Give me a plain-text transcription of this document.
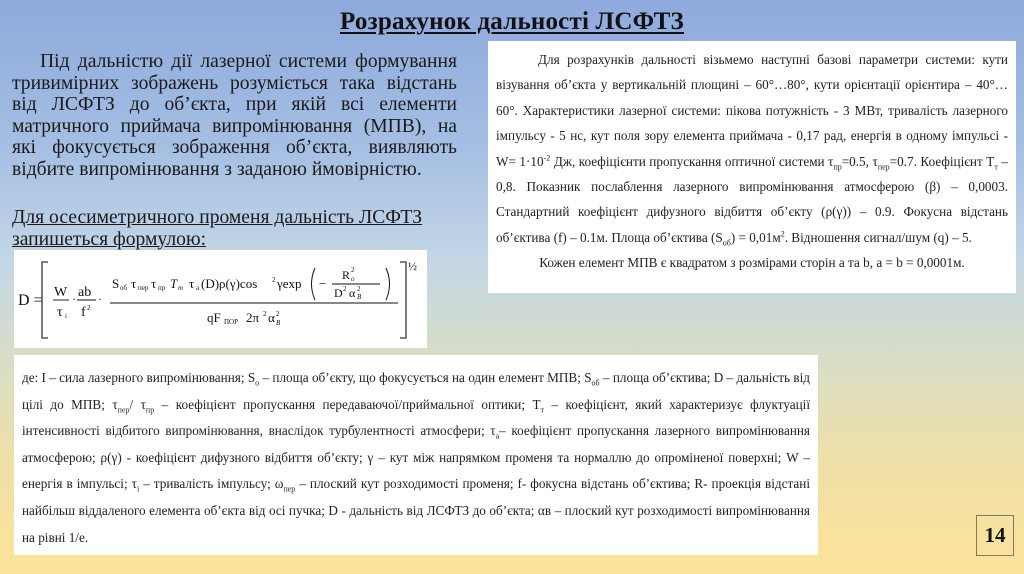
Розрахунок дальності ЛСФТЗ
Під дальністю дії лазерної системи формування тривимірних зображень розуміється така відстань від ЛСФТЗ до об’єкта, при якій всі елементи матричного приймача випромінювання (МПВ), на які фокусується зображення об’єкта, виявляють відбите випромінювання з заданою ймовірністю.
Для осесиметричного променя дальність ЛСФТЗ запишеться формулою:
D = W
τ i
· ab
f 2
·
S об τ пер τ пр T m τ a (D)ρ(γ)cos 2 γexp −
R 2
o
D 2 α 2
B
qF ПОР 2π 2 α 2
B
½

Для розрахунків дальності візьмемо наступні базові параметри системи: кути візування об’єкта у вертикальній площині – 60°…80°, кути орієнтації орієнтира – 40°…60°. Характеристики лазерної системи: пікова потужність - 3 МВт, тривалість лазерного імпульсу - 5 нс, кут поля зору елемента приймача - 0,17 рад, енергія в одному імпульсі - $W= 1\cdot 10^{-2}$ Дж, коефіцієнти пропускання оптичної системи $\tau_{пр}=0.5$, $\tau_{пер}=0.7$. Коефіцієнт $T_т - 0,8$. Показник послаблення лазерного випромінювання атмосферою (β) – 0,0003. Стандартний коефіцієнт дифузного відбиття об’єкту (ρ(γ)) – 0.9. Фокусна відстань об’єктива (f) – 0.1м. Площа об’єктива $(S_{об}) = 0,01м^2$. Відношення сигнал/шум (q) – 5.

Кожен елемент МПВ є квадратом з розмірами сторін a та b, a = b = 0,0001м.

де: I – сила лазерного випромінювання; $S_o$ – площа об’єкту, що фокусується на один елемент МПВ; $S_{об}$ – площа об’єктива; D – дальність від цілі до МПВ; $\tau_{пер}/$ $\tau_{пр}$ – коефіцієнт пропускання передаваючої/приймальної оптики; $T_т$ – коефіцієнт, який характеризує флуктуації інтенсивності відбитого випромінювання, внаслідок турбулентності атмосфери; $\tau_a-$ коефіцієнт пропускання лазерного випромінювання атмосферою; ρ(γ) - коефіцієнт дифузного відбиття об’єкту; γ – кут між напрямком променя та нормаллю до опроміненої поверхні; W – енергія в імпульсі; $\tau_i$ – тривалість імпульсу; $\omega_{пер}$ – плоский кут розходимості променя; f- фокусна відстань об’єктива; R- проекція відстані найбільш віддаленого елемента об’єкта від осі пучка; D - дальність від ЛСФТЗ до об’єкта; αв – плоский кут розходимості випромінювання на рівні 1/е.	14
